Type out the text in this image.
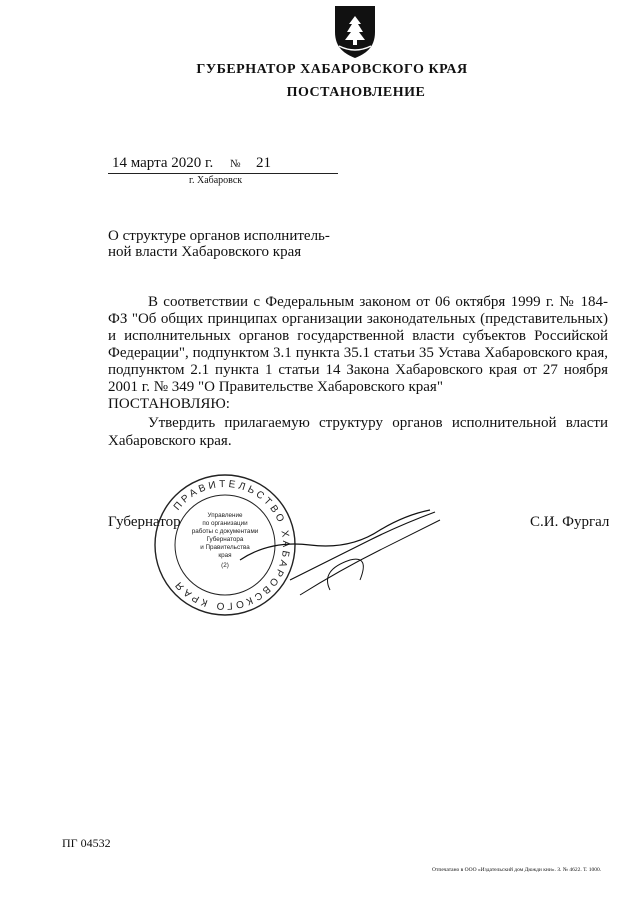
ГУБЕРНАТОР ХАБАРОВСКОГО КРАЯ
ПОСТАНОВЛЕНИЕ
14 марта 2020 г. № 21
г. Хабаровск
О структуре органов исполнитель-ной власти Хабаровского края
В соответствии с Федеральным законом от 06 октября 1999 г. № 184-ФЗ "Об общих принципах организации законодательных (представительных) и исполнительных органов государственной власти субъектов Российской Федерации", подпунктом 3.1 пункта 35.1 статьи 35 Устава Хабаровского края, подпунктом 2.1 пункта 1 статьи 14 Закона Хабаровского края от 27 ноября 2001 г. № 349 "О Правительстве Хабаровского края"
ПОСТАНОВЛЯЮ:
Утвердить прилагаемую структуру органов исполнительной власти Хабаровского края.
Губернатор	С.И. Фургал
ПРАВИТЕЛЬСТВО ХАБАРОВСКОГО КРАЯ
Управление
по организации
работы с документами
Губернатора
и Правительства
края
(2)
ПГ 04532
Отпечатано в ООО «Издательский дом Дюжди кни». З. № 4622. Т. 1000.
